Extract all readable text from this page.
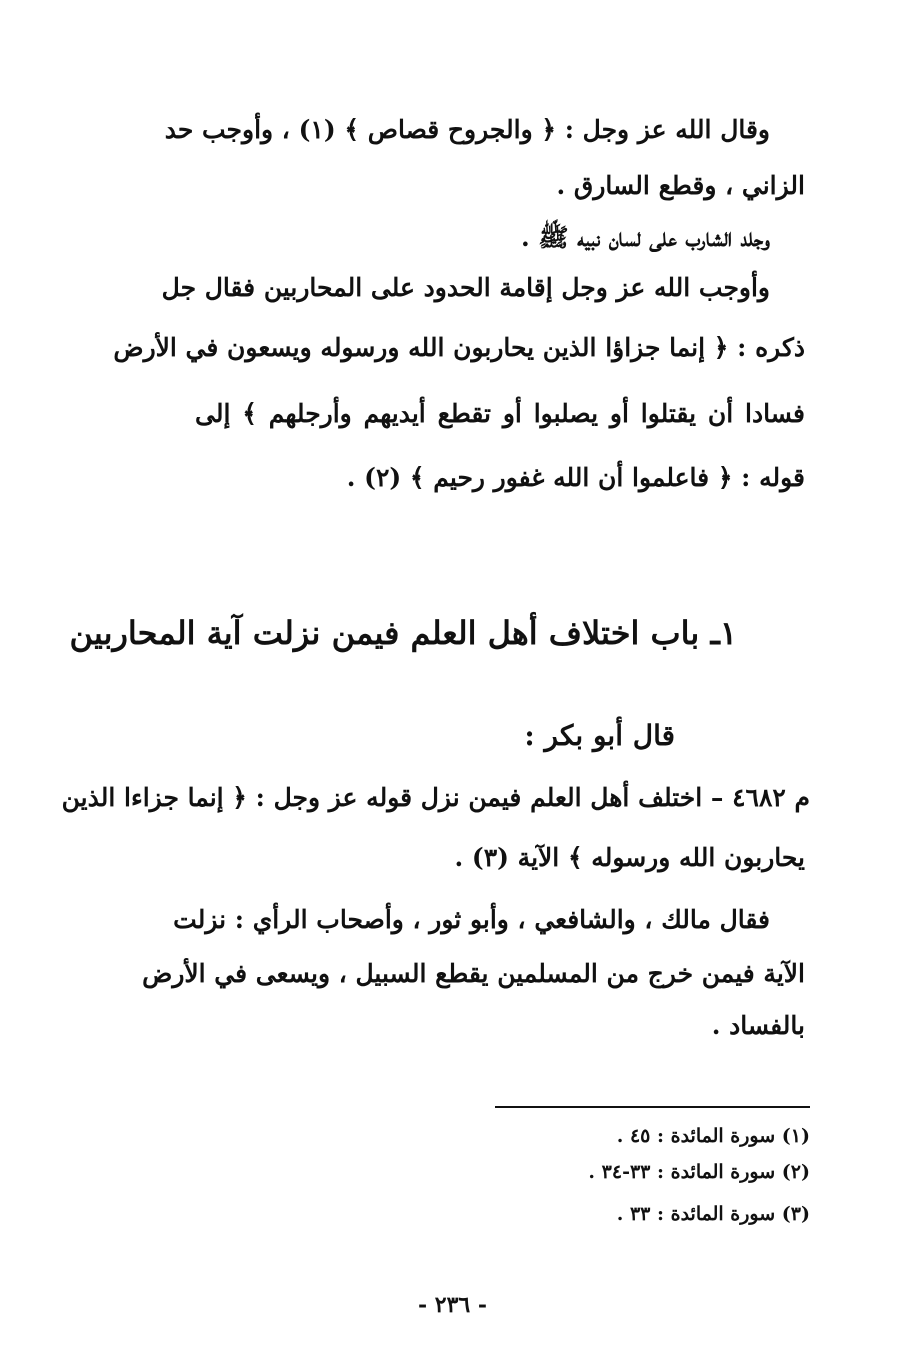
وقال الله عز وجل : ﴿ والجروح قصاص ﴾ (١) ، وأوجب حد
الزاني ، وقطع السارق .
وجلد الشارب على لسان نبيه ﷺ .
وأوجب الله عز وجل إقامة الحدود على المحاربين فقال جل
ذكره : ﴿ إنما جزاؤا الذين يحاربون الله ورسوله ويسعون في الأرض
فسادا أن يقتلوا أو يصلبوا أو تقطع أيديهم وأرجلهم ﴾ إلى
قوله : ﴿ فاعلموا أن الله غفور رحيم ﴾ (٢) .
١ـ باب اختلاف أهل العلم فيمن نزلت آية المحاربين
قال أبو بكر :
م ٤٦٨٢ – اختلف أهل العلم فيمن نزل قوله عز وجل : ﴿ إنما جزاءا الذين
يحاربون الله ورسوله ﴾ الآية (٣) .
فقال مالك ، والشافعي ، وأبو ثور ، وأصحاب الرأي : نزلت
الآية فيمن خرج من المسلمين يقطع السبيل ، ويسعى في الأرض
بالفساد .
(١) سورة المائدة : ٤٥ .
(٢) سورة المائدة : ٣٣-٣٤ .
(٣) سورة المائدة : ٣٣ .
- ٢٣٦ -
